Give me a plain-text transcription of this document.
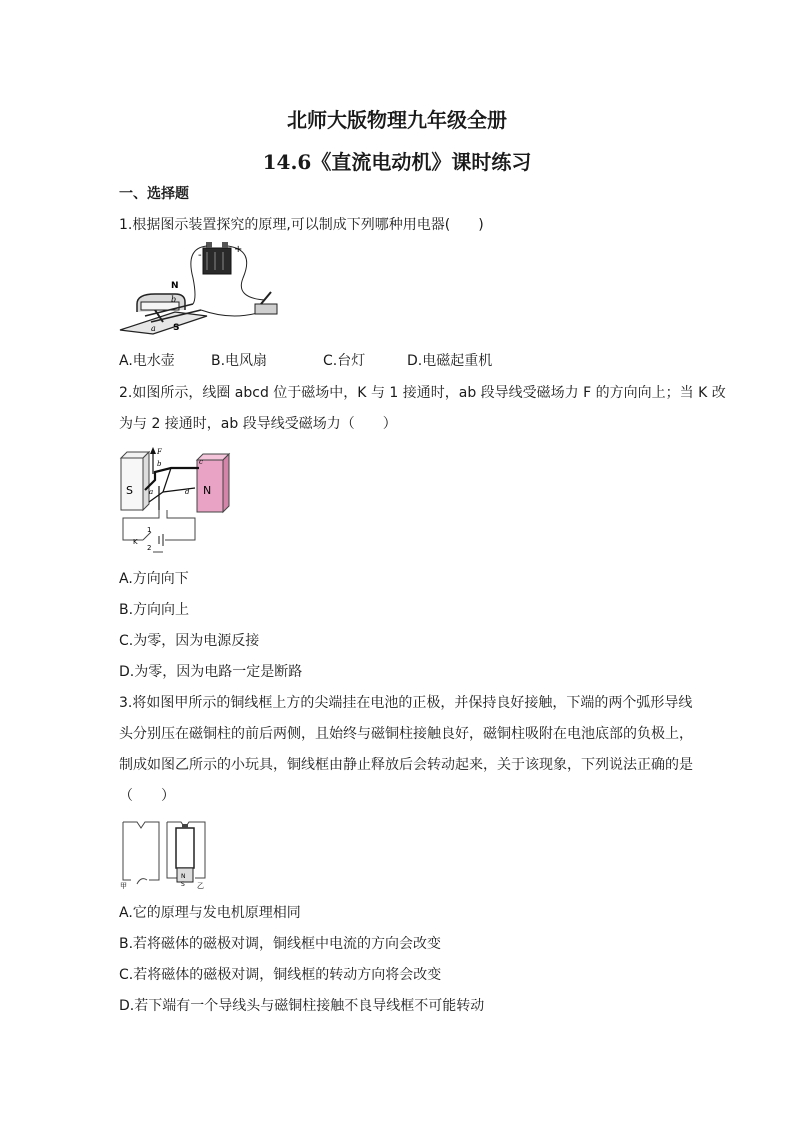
北师大版物理九年级全册
14.6《直流电动机》课时练习
一、选择题
1.根据图示装置探究的原理,可以制成下列哪种用电器(　　)
N
S
b
a
+
-
A.电水壶	B.电风扇	C.台灯	D.电磁起重机
2.如图所示，线圈 abcd 位于磁场中，K 与 1 接通时，ab 段导线受磁场力 F 的方向向上；当 K 改
为与 2 接通时，ab 段导线受磁场力（　　）
S	N
F
b	c
a	d
K
1
2
A.方向向下
B.方向向上
C.为零，因为电源反接
D.为零，因为电路一定是断路
3.将如图甲所示的铜线框上方的尖端挂在电池的正极，并保持良好接触，下端的两个弧形导线
头分别压在磁铜柱的前后两侧，且始终与磁铜柱接触良好，磁铜柱吸附在电池底部的负极上，
制成如图乙所示的小玩具，铜线框由静止释放后会转动起来，关于该现象，下列说法正确的是
（　　）
甲	乙
N
S
A.它的原理与发电机原理相同
B.若将磁体的磁极对调，铜线框中电流的方向会改变
C.若将磁体的磁极对调，铜线框的转动方向将会改变
D.若下端有一个导线头与磁铜柱接触不良导线框不可能转动
